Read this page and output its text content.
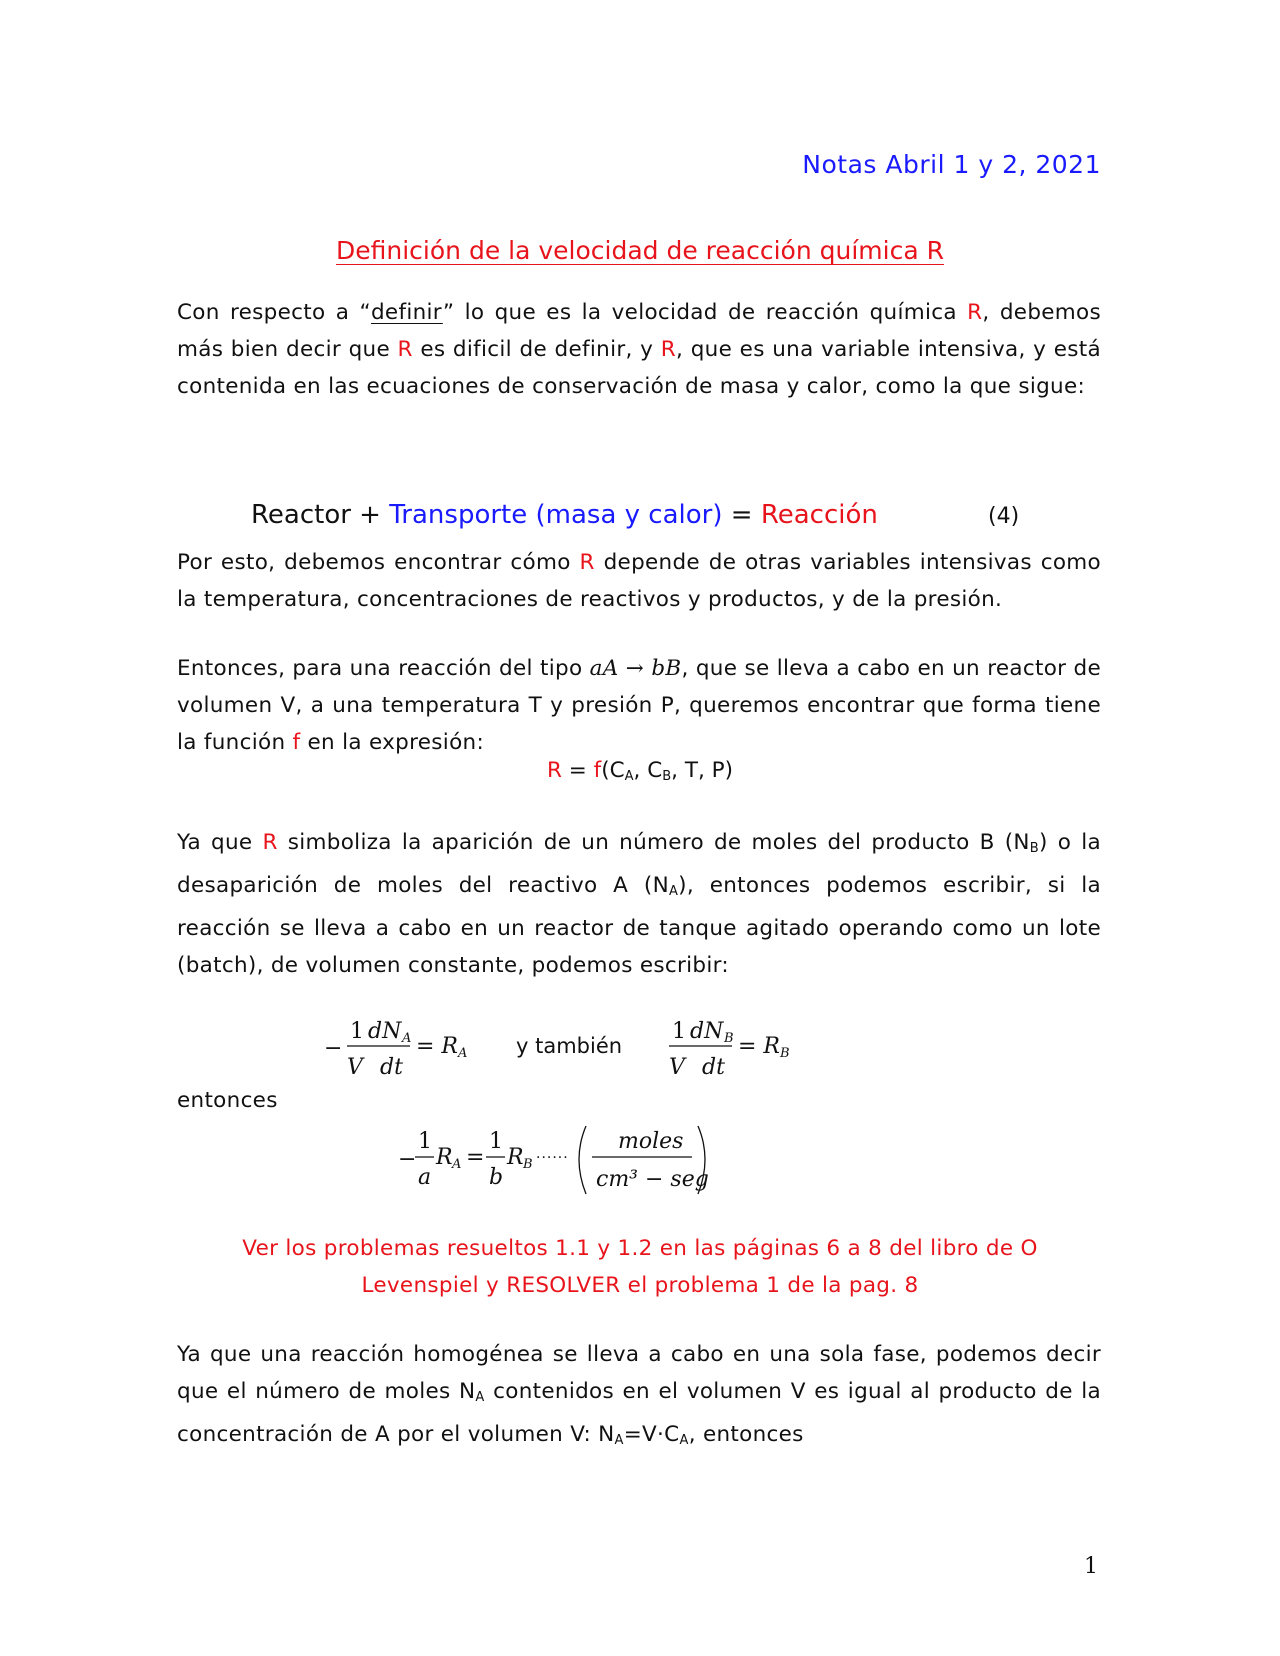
Notas Abril 1 y 2, 2021
Definición de la velocidad de reacción química R
Con respecto a “definir” lo que es la velocidad de reacción química R, debemos más bien decir que R es dificil de definir, y R, que es una variable intensiva, y está contenida en las ecuaciones de conservación de masa y calor, como la que sigue:
Reactor + Transporte (masa y calor) = Reacción	(4)
Por esto, debemos encontrar cómo R depende de otras variables intensivas como la temperatura, concentraciones de reactivos y productos, y de la presión.
Entonces, para una reacción del tipo aA → bB, que se lleva a cabo en un reactor de volumen V, a una temperatura T y presión P, queremos encontrar que forma tiene la función f en la expresión:
$R = f(C_A$, $C_B$, T, P)
Ya que R simboliza la aparición de un número de moles del producto B $(N_B)$ o la desaparición de moles del reactivo A $(N_A)$, entonces podemos escribir, si la reacción se lleva a cabo en un reactor de tanque agitado operando como un lote (batch), de volumen constante, podemos escribir:
−
1 dN A
V dt
= R A y también
1 dN B
V dt
= R B
entonces
−
1
a
R A =
1
b
R B ······
moles
cm³ − seg
Ver los problemas resueltos 1.1 y 1.2 en las páginas 6 a 8 del libro de O
Levenspiel y RESOLVER el problema 1 de la pag. 8
Ya que una reacción homogénea se lleva a cabo en una sola fase, podemos decir que el número de moles $N_A$ contenidos en el volumen V es igual al producto de la concentración de A por el volumen V: $N_A=V\cdot C_A$, entonces
1
